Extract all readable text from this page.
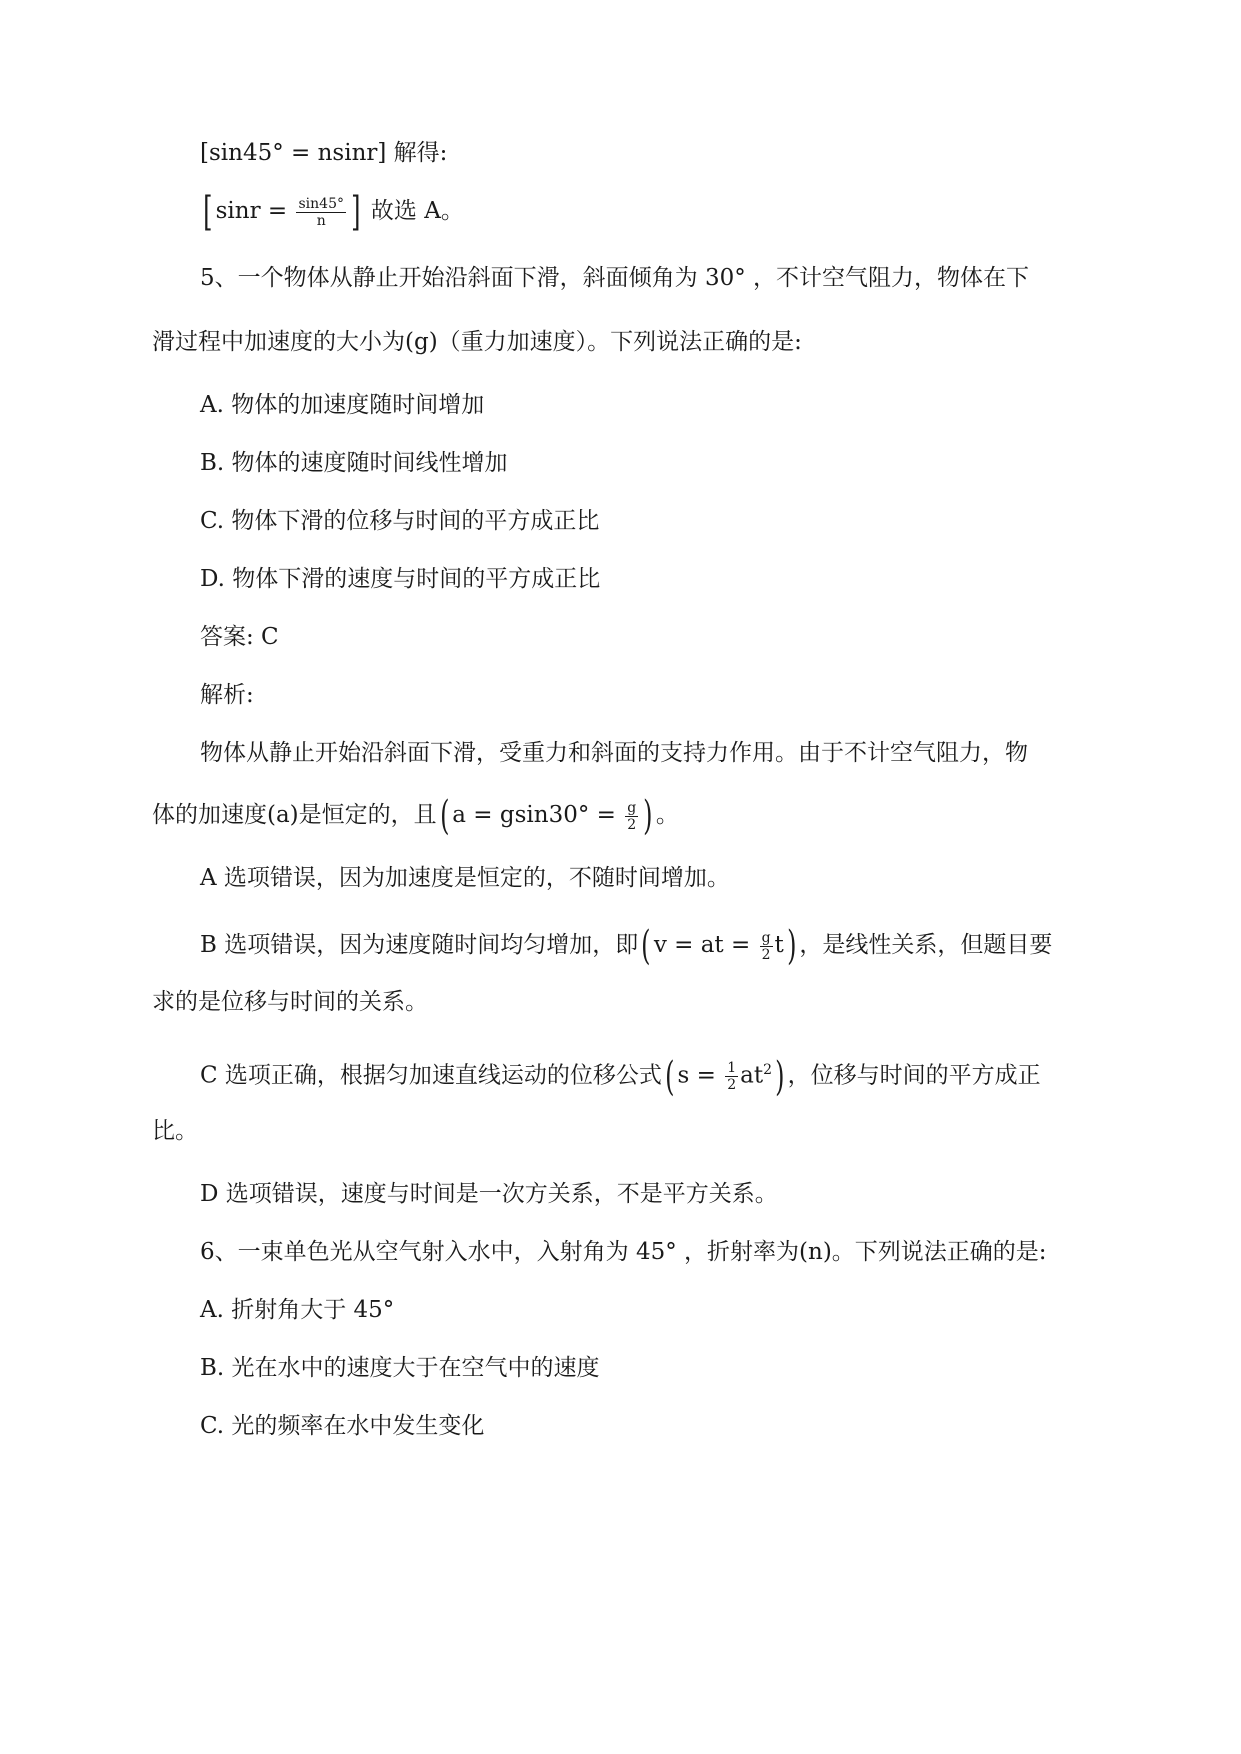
[sin45° = nsinr] 解得:
[ $\sin r = \frac{\sin 45^\circ}{n}$ ] 故选 A。
5、一个物体从静止开始沿斜面下滑，斜面倾角为 30° ，不计空气阻力，物体在下
滑过程中加速度的大小为(g)（重力加速度）。下列说法正确的是:
A. 物体的加速度随时间增加
B. 物体的速度随时间线性增加
C. 物体下滑的位移与时间的平方成正比
D. 物体下滑的速度与时间的平方成正比
答案: C
解析:
物体从静止开始沿斜面下滑，受重力和斜面的支持力作用。由于不计空气阻力，物
体的加速度(a)是恒定的，且( $a = gsin30^\circ = \frac{g}{2}$ ) 。
A 选项错误，因为加速度是恒定的，不随时间增加。
B 选项错误，因为速度随时间均匀增加，即( v = at = $\frac{g}{2} t$) ，是线性关系，但题目要
求的是位移与时间的关系。
C 选项正确，根据匀加速直线运动的位移公式( $s = \frac{1}{2} at^2$) ，位移与时间的平方成正
比。
D 选项错误，速度与时间是一次方关系，不是平方关系。
6、一束单色光从空气射入水中，入射角为 45° ，折射率为(n)。下列说法正确的是:
A. 折射角大于 45°
B. 光在水中的速度大于在空气中的速度
C. 光的频率在水中发生变化
